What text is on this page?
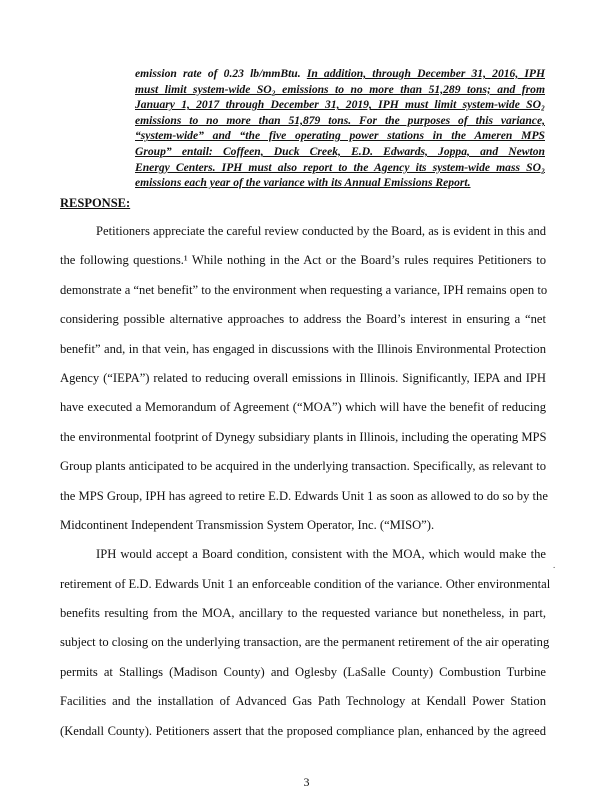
emission rate of 0.23 lb/mmBtu. In addition, through December 31, 2016, IPH
must limit system-wide SO₂ emissions to no more than 51,289 tons; and from
January 1, 2017 through December 31, 2019, IPH must limit system-wide SO₂
emissions to no more than 51,879 tons. For the purposes of this variance,
“system-wide” and “the five operating power stations in the Ameren MPS
Group” entail: Coffeen, Duck Creek, E.D. Edwards, Joppa, and Newton
Energy Centers. IPH must also report to the Agency its system-wide mass SO₂
emissions each year of the variance with its Annual Emissions Report.
RESPONSE:
Petitioners appreciate the careful review conducted by the Board, as is evident in this and
the following questions.¹ While nothing in the Act or the Board’s rules requires Petitioners to
demonstrate a “net benefit” to the environment when requesting a variance, IPH remains open to
considering possible alternative approaches to address the Board’s interest in ensuring a “net
benefit” and, in that vein, has engaged in discussions with the Illinois Environmental Protection
Agency (“IEPA”) related to reducing overall emissions in Illinois. Significantly, IEPA and IPH
have executed a Memorandum of Agreement (“MOA”) which will have the benefit of reducing
the environmental footprint of Dynegy subsidiary plants in Illinois, including the operating MPS
Group plants anticipated to be acquired in the underlying transaction. Specifically, as relevant to
the MPS Group, IPH has agreed to retire E.D. Edwards Unit 1 as soon as allowed to do so by the
Midcontinent Independent Transmission System Operator, Inc. (“MISO”).
IPH would accept a Board condition, consistent with the MOA, which would make the
retirement of E.D. Edwards Unit 1 an enforceable condition of the variance. Other environmental
benefits resulting from the MOA, ancillary to the requested variance but nonetheless, in part,
subject to closing on the underlying transaction, are the permanent retirement of the air operating
permits at Stallings (Madison County) and Oglesby (LaSalle County) Combustion Turbine
Facilities and the installation of Advanced Gas Path Technology at Kendall Power Station
(Kendall County). Petitioners assert that the proposed compliance plan, enhanced by the agreed
.
3
